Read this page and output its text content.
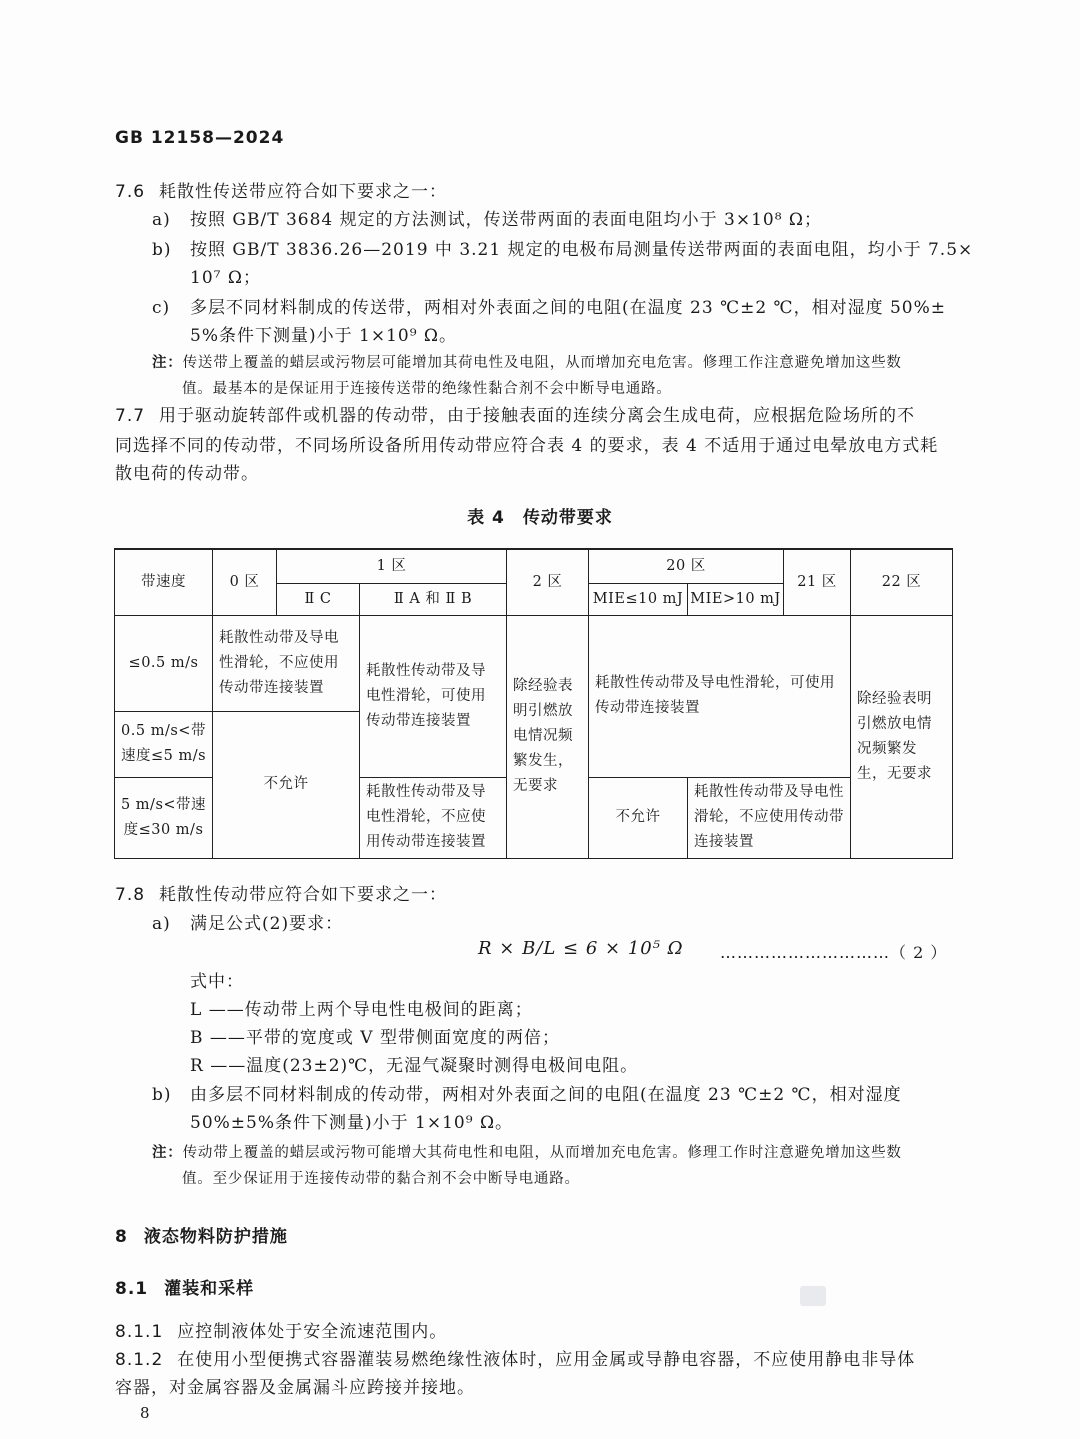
GB 12158—2024
7.6 耗散性传送带应符合如下要求之一：
a) 按照 GB/T 3684 规定的方法测试，传送带两面的表面电阻均小于 3×10⁸ Ω；
b) 按照 GB/T 3836.26—2019 中 3.21 规定的电极布局测量传送带两面的表面电阻，均小于 7.5×
10⁷ Ω；
c) 多层不同材料制成的传送带，两相对外表面之间的电阻(在温度 23 ℃±2 ℃，相对湿度 50%±
5%条件下测量)小于 1×10⁹ Ω。
注：传送带上覆盖的蜡层或污物层可能增加其荷电性及电阻，从而增加充电危害。修理工作注意避免增加这些数
值。最基本的是保证用于连接传送带的绝缘性黏合剂不会中断导电通路。
7.7 用于驱动旋转部件或机器的传动带，由于接触表面的连续分离会生成电荷，应根据危险场所的不
同选择不同的传动带，不同场所设备所用传动带应符合表 4 的要求，表 4 不适用于通过电晕放电方式耗
散电荷的传动带。
表 4　传动带要求
带速度	0 区	1 区		2 区	20 区		21 区	22 区
		Ⅱ C	Ⅱ A 和 Ⅱ B		MIE≤10 mJ	MIE>10 mJ		
≤0.5 m/s	耗散性动带及导电性滑轮，不应使用传动带连接装置		耗散性传动带及导电性滑轮，可使用传动带连接装置	除经验表明引燃放电情况频繁发生，无要求	耗散性传动带及导电性滑轮，可使用传动带连接装置			除经验表明引燃放电情况频繁发生，无要求
0.5 m/s<带速度≤5 m/s	不允许							
5 m/s<带速度≤30 m/s			耗散性传动带及导电性滑轮，不应使用传动带连接装置		不允许	耗散性传动带及导电性滑轮，不应使用传动带连接装置		
7.8 耗散性传动带应符合如下要求之一：
a) 满足公式(2)要求：
R × B/L ≤ 6 × 10⁵ Ω …………………………（ 2 ）
式中：
L ——传动带上两个导电性电极间的距离；
B ——平带的宽度或 V 型带侧面宽度的两倍；
R ——温度(23±2)℃，无湿气凝聚时测得电极间电阻。
b) 由多层不同材料制成的传动带，两相对外表面之间的电阻(在温度 23 ℃±2 ℃，相对湿度
50%±5%条件下测量)小于 1×10⁹ Ω。
注：传动带上覆盖的蜡层或污物可能增大其荷电性和电阻，从而增加充电危害。修理工作时注意避免增加这些数
值。至少保证用于连接传动带的黏合剂不会中断导电通路。
8 液态物料防护措施
8.1 灌装和采样
8.1.1 应控制液体处于安全流速范围内。
8.1.2 在使用小型便携式容器灌装易燃绝缘性液体时，应用金属或导静电容器，不应使用静电非导体
容器，对金属容器及金属漏斗应跨接并接地。
8
